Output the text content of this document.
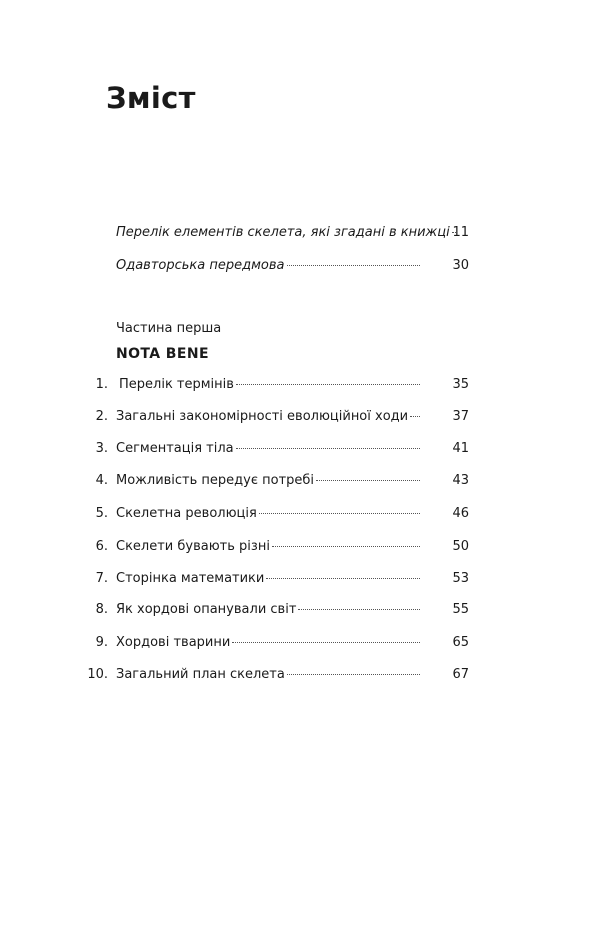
Зміст
Перелік елементів скелета, які згадані в книжці 11
Одавторська передмова	30
Частина перша
NOTA BENE
1. Перелік термінів	35
2. Загальні закономірності еволюційної ходи	37
3. Сегментація тіла	41
4. Можливість передує потребі	43
5. Скелетна революція	46
6. Скелети бувають різні	50
7. Сторінка математики	53
8. Як хордові опанували світ	55
9. Хордові тварини	65
10. Загальний план скелета	67
